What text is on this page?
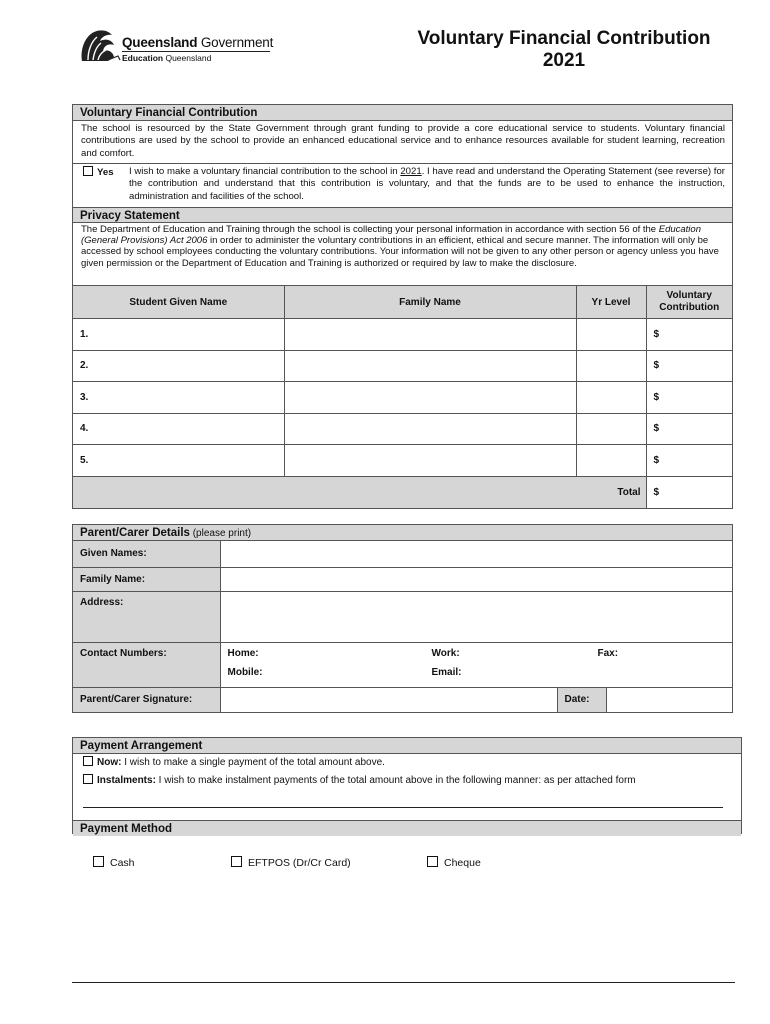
Queensland Government
Education Queensland
Voluntary Financial Contribution
2021
Voluntary Financial Contribution
The school is resourced by the State Government through grant funding to provide a core educational service to students. Voluntary financial contributions are used by the school to provide an enhanced educational service and to enhance resources available for student learning, recreation and comfort.
Yes I wish to make a voluntary financial contribution to the school in 2021. I have read and understand the Operating Statement (see reverse) for the contribution and understand that this contribution is voluntary, and that the funds are to be used to enhance the instruction, administration and facilities of the school.
Privacy Statement
The Department of Education and Training through the school is collecting your personal information in accordance with section 56 of the Education (General Provisions) Act 2006 in order to administer the voluntary contributions in an efficient, ethical and secure manner. The information will only be accessed by school employees conducting the voluntary contributions. Your information will not be given to any other person or agency unless you have given permission or the Department of Education and Training is authorized or required by law to make the disclosure.
Student Given Name	Family Name	Yr Level	Voluntary
Contribution
1.			$
2.			$
3.			$
4.			$
5.			$
Total			$
Parent/Carer Details (please print)
Given Names:			
Family Name:			
Address:			
Contact Numbers:	Home: Work: Fax:
Mobile: Email:		

Parent/Carer Signature:		Date:	
Payment Arrangement
Now: I wish to make a single payment of the total amount above.
Instalments: I wish to make instalment payments of the total amount above in the following manner: as per attached form
Payment Method
Cash	EFTPOS (Dr/Cr Card)	Cheque
